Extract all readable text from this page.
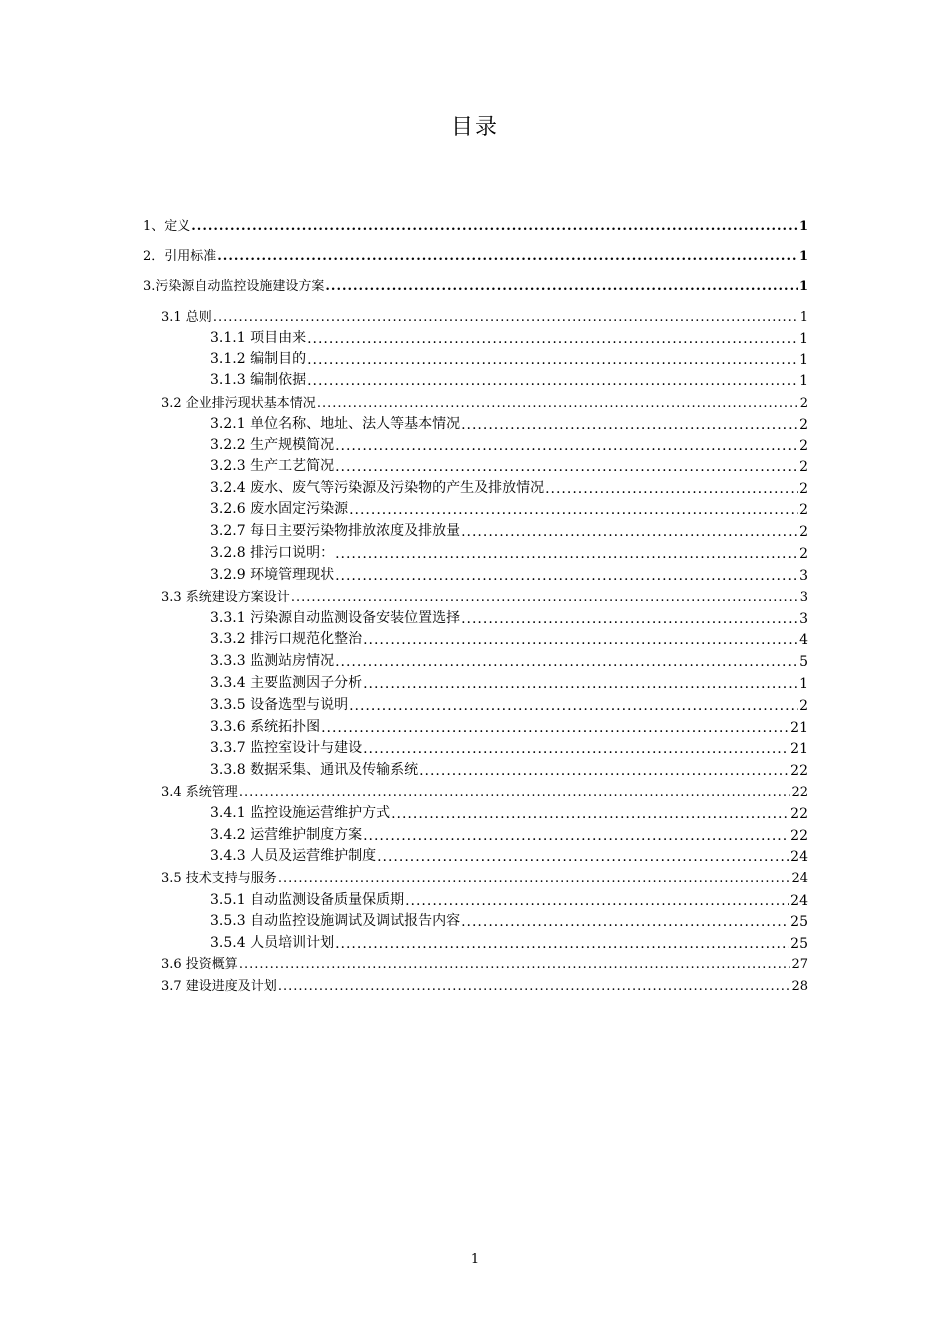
目录
1、定义 .....	1
2．引用标准 .....	1
3.污染源自动监控设施建设方案 .....	1
3.1 总则 .....	1
3.1.1 项目由来 .....	1
3.1.2 编制目的 .....	1
3.1.3 编制依据 .....	1
3.2 企业排污现状基本情况 .....	2
3.2.1 单位名称、地址、法人等基本情况 .....	2
3.2.2 生产规模简况 .....	2
3.2.3 生产工艺简况 .....	2
3.2.4 废水、废气等污染源及污染物的产生及排放情况 .....	2
3.2.6 废水固定污染源 .....	2
3.2.7 每日主要污染物排放浓度及排放量 .....	2
3.2.8 排污口说明： .....	2
3.2.9 环境管理现状 .....	3
3.3 系统建设方案设计 .....	3
3.3.1 污染源自动监测设备安装位置选择 .....	3
3.3.2 排污口规范化整治 .....	4
3.3.3 监测站房情况 .....	5
3.3.4 主要监测因子分析 .....	1
3.3.5 设备选型与说明 .....	2
3.3.6 系统拓扑图 .....	21
3.3.7 监控室设计与建设 .....	21
3.3.8 数据采集、通讯及传输系统 .....	22
3.4 系统管理 .....	22
3.4.1 监控设施运营维护方式 .....	22
3.4.2 运营维护制度方案 .....	22
3.4.3 人员及运营维护制度 .....	24
3.5 技术支持与服务 .....	24
3.5.1 自动监测设备质量保质期 .....	24
3.5.3 自动监控设施调试及调试报告内容 .....	25
3.5.4 人员培训计划 .....	25
3.6 投资概算 .....	27
3.7 建设进度及计划 .....	28
1
